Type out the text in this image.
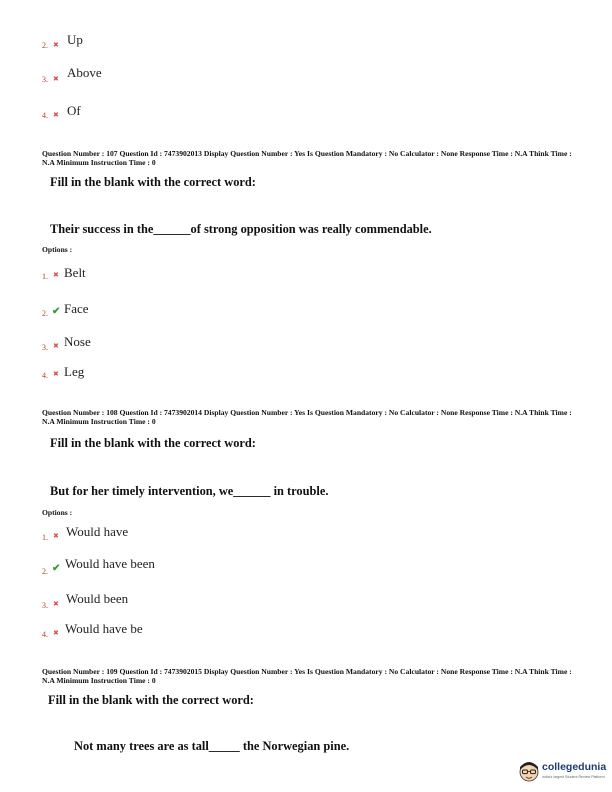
2. ✖ Up
3. ✖ Above
4. ✖ Of
Question Number : 107 Question Id : 7473902013 Display Question Number : Yes Is Question Mandatory : No Calculator : None Response Time : N.A Think Time : N.A Minimum Instruction Time : 0
Fill in the blank with the correct word:
Their success in the______of strong opposition was really commendable.
Options :
1. ✖ Belt
2. ✔ Face
3. ✖ Nose
4. ✖ Leg
Question Number : 108 Question Id : 7473902014 Display Question Number : Yes Is Question Mandatory : No Calculator : None Response Time : N.A Think Time : N.A Minimum Instruction Time : 0
Fill in the blank with the correct word:
But for her timely intervention, we______ in trouble.
Options :
1. ✖ Would have
2. ✔ Would have been
3. ✖ Would been
4. ✖ Would have be
Question Number : 109 Question Id : 7473902015 Display Question Number : Yes Is Question Mandatory : No Calculator : None Response Time : N.A Think Time : N.A Minimum Instruction Time : 0
Fill in the blank with the correct word:
Not many trees are as tall_____ the Norwegian pine.
collegedunia
India's largest Student Review Platform
